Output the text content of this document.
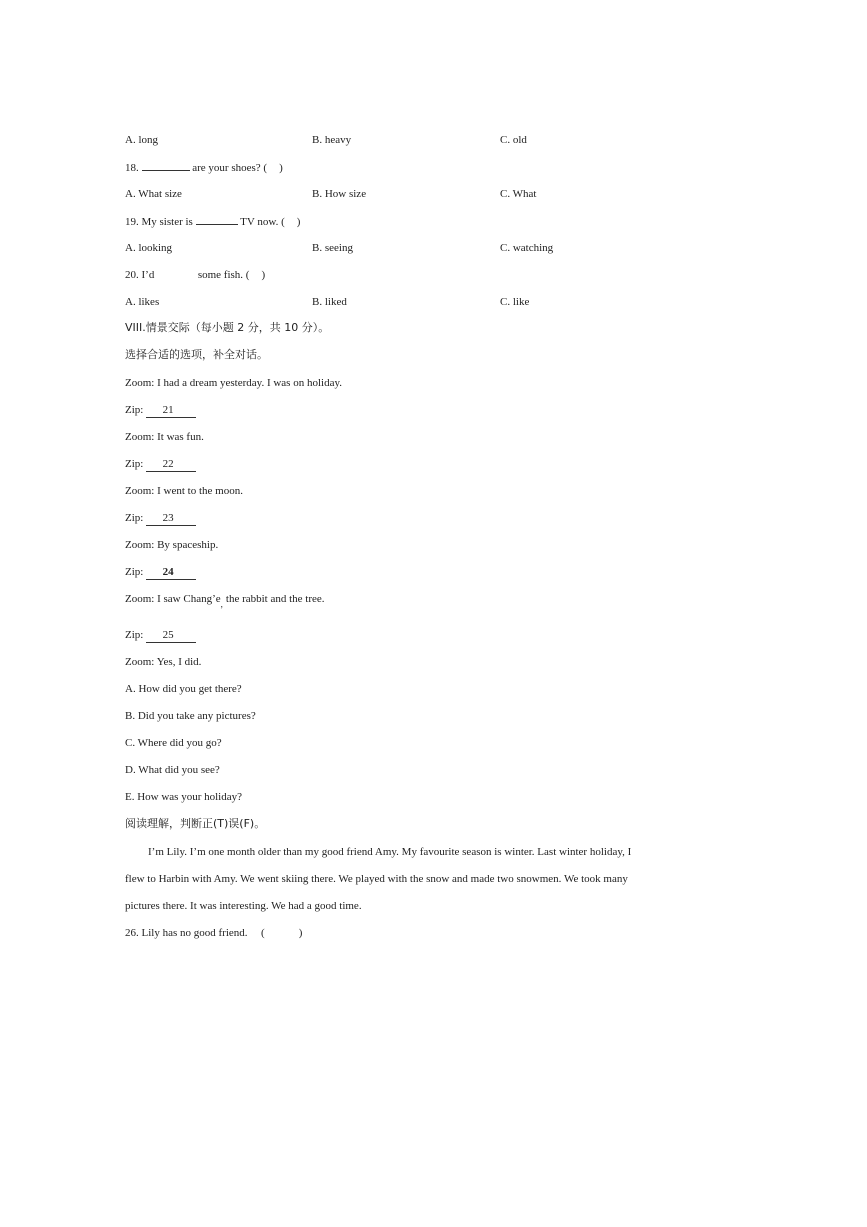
A. long	B. heavy	C. old
18.	are your shoes? ( )
A. What size	B. How size	C. What
19. My sister is	TV now. ( )
A. looking	B. seeing	C. watching
20. I’d	some fish. ( )
A. likes	B. liked	C. like
VIII.情景交际（每小题 2 分，共 10 分）。
选择合适的选项，补全对话。
Zoom: I had a dream yesterday. I was on holiday.
Zip: 21
Zoom: It was fun.
Zip: 22
Zoom: I went to the moon.
Zip: 23
Zoom: By spaceship.
Zip: 24
Zoom: I saw $Chang’e_,$ the rabbit and the tree.
Zip: 25
Zoom: Yes, I did.
A. How did you get there?
B. Did you take any pictures?
C. Where did you go?
D. What did you see?
E. How was your holiday?
阅读理解，判断正(T)误(F)。
I’m Lily. I’m one month older than my good friend Amy. My favourite season is winter. Last winter holiday, I
flew to Harbin with Amy. We went skiing there. We played with the snow and made two snowmen. We took many
pictures there. It was interesting. We had a good time.
26. Lily has no good friend. (	)
